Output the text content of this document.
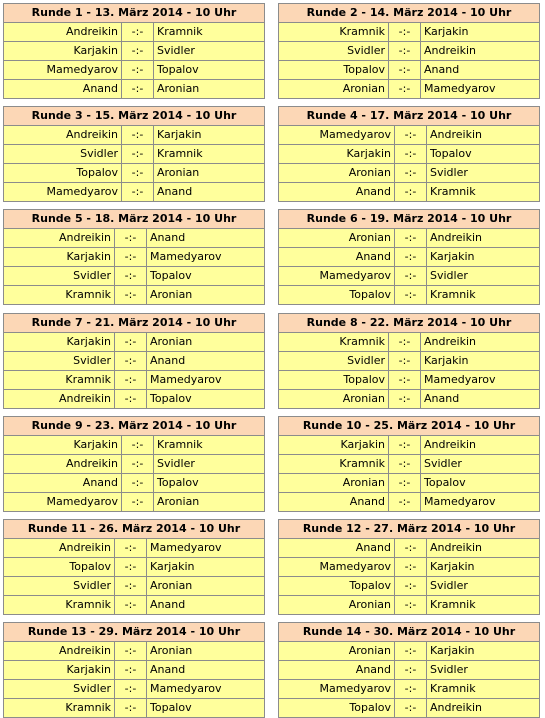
Runde 1 - 13. März 2014 - 10 Uhr
Andreikin	-:-	Kramnik
Karjakin	-:-	Svidler
Mamedyarov	-:-	Topalov
Anand	-:-	Aronian
Runde 2 - 14. März 2014 - 10 Uhr
Kramnik	-:-	Karjakin
Svidler	-:-	Andreikin
Topalov	-:-	Anand
Aronian	-:-	Mamedyarov
Runde 3 - 15. März 2014 - 10 Uhr
Andreikin	-:-	Karjakin
Svidler	-:-	Kramnik
Topalov	-:-	Aronian
Mamedyarov	-:-	Anand
Runde 4 - 17. März 2014 - 10 Uhr
Mamedyarov	-:-	Andreikin
Karjakin	-:-	Topalov
Aronian	-:-	Svidler
Anand	-:-	Kramnik
Runde 5 - 18. März 2014 - 10 Uhr
Andreikin	-:-	Anand
Karjakin	-:-	Mamedyarov
Svidler	-:-	Topalov
Kramnik	-:-	Aronian
Runde 6 - 19. März 2014 - 10 Uhr
Aronian	-:-	Andreikin
Anand	-:-	Karjakin
Mamedyarov	-:-	Svidler
Topalov	-:-	Kramnik
Runde 7 - 21. März 2014 - 10 Uhr
Karjakin	-:-	Aronian
Svidler	-:-	Anand
Kramnik	-:-	Mamedyarov
Andreikin	-:-	Topalov
Runde 8 - 22. März 2014 - 10 Uhr
Kramnik	-:-	Andreikin
Svidler	-:-	Karjakin
Topalov	-:-	Mamedyarov
Aronian	-:-	Anand
Runde 9 - 23. März 2014 - 10 Uhr
Karjakin	-:-	Kramnik
Andreikin	-:-	Svidler
Anand	-:-	Topalov
Mamedyarov	-:-	Aronian
Runde 10 - 25. März 2014 - 10 Uhr
Karjakin	-:-	Andreikin
Kramnik	-:-	Svidler
Aronian	-:-	Topalov
Anand	-:-	Mamedyarov
Runde 11 - 26. März 2014 - 10 Uhr
Andreikin	-:-	Mamedyarov
Topalov	-:-	Karjakin
Svidler	-:-	Aronian
Kramnik	-:-	Anand
Runde 12 - 27. März 2014 - 10 Uhr
Anand	-:-	Andreikin
Mamedyarov	-:-	Karjakin
Topalov	-:-	Svidler
Aronian	-:-	Kramnik
Runde 13 - 29. März 2014 - 10 Uhr
Andreikin	-:-	Aronian
Karjakin	-:-	Anand
Svidler	-:-	Mamedyarov
Kramnik	-:-	Topalov
Runde 14 - 30. März 2014 - 10 Uhr
Aronian	-:-	Karjakin
Anand	-:-	Svidler
Mamedyarov	-:-	Kramnik
Topalov	-:-	Andreikin
